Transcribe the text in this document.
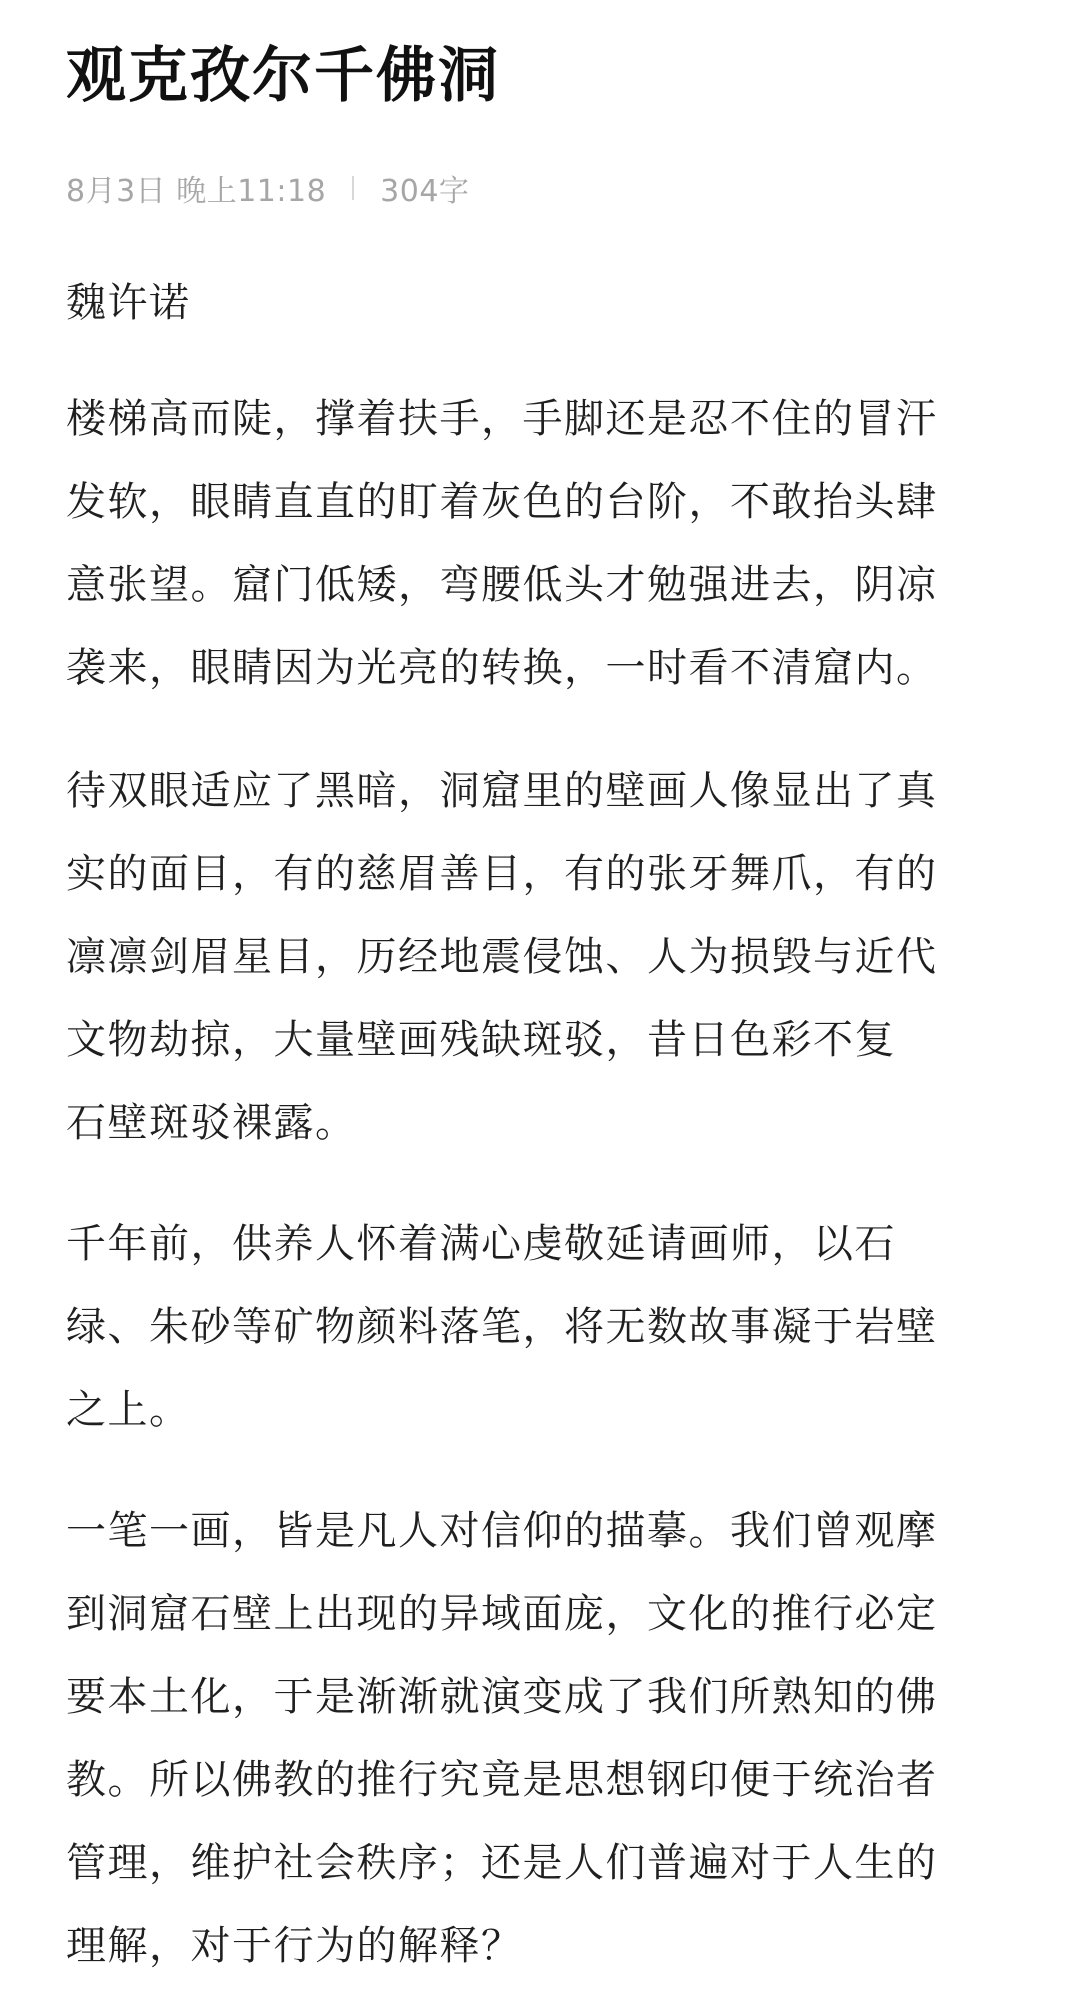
观克孜尔千佛洞
8月3日 晚上11:18 304字

魏许诺

楼梯高而陡，撑着扶手，手脚还是忍不住的冒汗
发软，眼睛直直的盯着灰色的台阶，不敢抬头肆
意张望。窟门低矮，弯腰低头才勉强进去，阴凉
袭来，眼睛因为光亮的转换，一时看不清窟内。

待双眼适应了黑暗，洞窟里的壁画人像显出了真
实的面目，有的慈眉善目，有的张牙舞爪，有的
凛凛剑眉星目，历经地震侵蚀、人为损毁与近代
文物劫掠，大量壁画残缺斑驳，昔日色彩不复
石壁斑驳裸露。

千年前，供养人怀着满心虔敬延请画师，以石
绿、朱砂等矿物颜料落笔，将无数故事凝于岩壁
之上。

一笔一画，皆是凡人对信仰的描摹。我们曾观摩
到洞窟石壁上出现的异域面庞，文化的推行必定
要本土化，于是渐渐就演变成了我们所熟知的佛
教。所以佛教的推行究竟是思想钢印便于统治者
管理，维护社会秩序；还是人们普遍对于人生的
理解，对于行为的解释？
